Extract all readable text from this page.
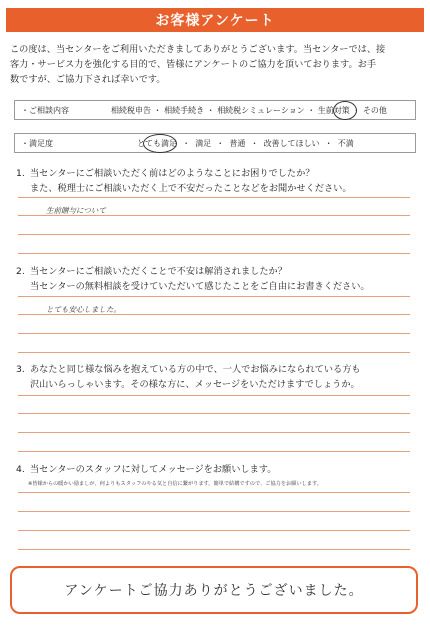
お客様アンケート
この度は、当センターをご利用いただきましてありがとうございます。当センターでは、接
客力・サービス力を強化する目的で、皆様にアンケートのご協力を頂いております。お手
数ですが、ご協力下されば幸いです。
・ご相談内容	相続税申告 ・ 相続手続き ・ 相続税シミュレーション ・ 生前対策 ・ その他
・満足度	とても満足 ・ 満足 ・ 普通 ・ 改善してほしい ・ 不満
1. 当センターにご相談いただく前はどのようなことにお困りでしたか？
また、税理士にご相談いただく上で不安だったことなどをお聞かせください。
生前贈与について
2. 当センターにご相談いただくことで不安は解消されましたか？
当センターの無料相談を受けていただいて感じたことをご自由にお書きください。
とても安心しました。
3. あなたと同じ様な悩みを抱えている方の中で、一人でお悩みになられている方も
沢山いらっしゃいます。その様な方に、メッセージをいただけますでしょうか。
4. 当センターのスタッフに対してメッセージをお願いします。
※皆様からの暖かい励ましが、何よりもスタッフのやる気と自信に繋がります。簡単で結構ですので、ご協力をお願いします。
アンケートご協力ありがとうございました。
